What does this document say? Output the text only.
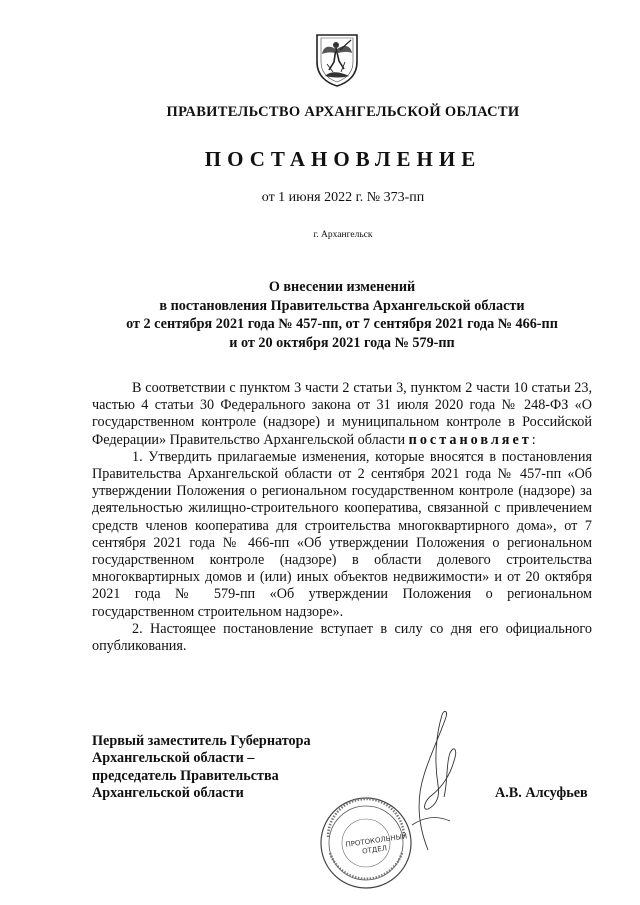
ПРАВИТЕЛЬСТВО АРХАНГЕЛЬСКОЙ ОБЛАСТИ
ПОСТАНОВЛЕНИЕ
от 1 июня 2022 г. № 373-пп
г. Архангельск
О внесении изменений
в постановления Правительства Архангельской области
от 2 сентября 2021 года № 457-пп, от 7 сентября 2021 года № 466-пп
и от 20 октября 2021 года № 579-пп

В соответствии с пунктом 3 части 2 статьи 3, пунктом 2 части 10 статьи 23, частью 4 статьи 30 Федерального закона от 31 июля 2020 года № 248-ФЗ «О государственном контроле (надзоре) и муниципальном контроле в Российской Федерации» Правительство Архангельской области постановляет:

1. Утвердить прилагаемые изменения, которые вносятся в постановления Правительства Архангельской области от 2 сентября 2021 года № 457-пп «Об утверждении Положения о региональном государственном контроле (надзоре) за деятельностью жилищно-строительного кооператива, связанной с привлечением средств членов кооператива для строительства многоквартирного дома», от 7 сентября 2021 года № 466-пп «Об утверждении Положения о региональном государственном контроле (надзоре) в области долевого строительства многоквартирных домов и (или) иных объектов недвижимости» и от 20 октября 2021 года № 579-пп «Об утверждении Положения о региональном государственном строительном надзоре».

2. Настоящее постановление вступает в силу со дня его официального опубликования.

Первый заместитель Губернатора
Архангельской области –
председатель Правительства
Архангельской области	А.В. Алсуфьев
ПРОТОКОЛЬНЫЙ ОТДЕЛ
